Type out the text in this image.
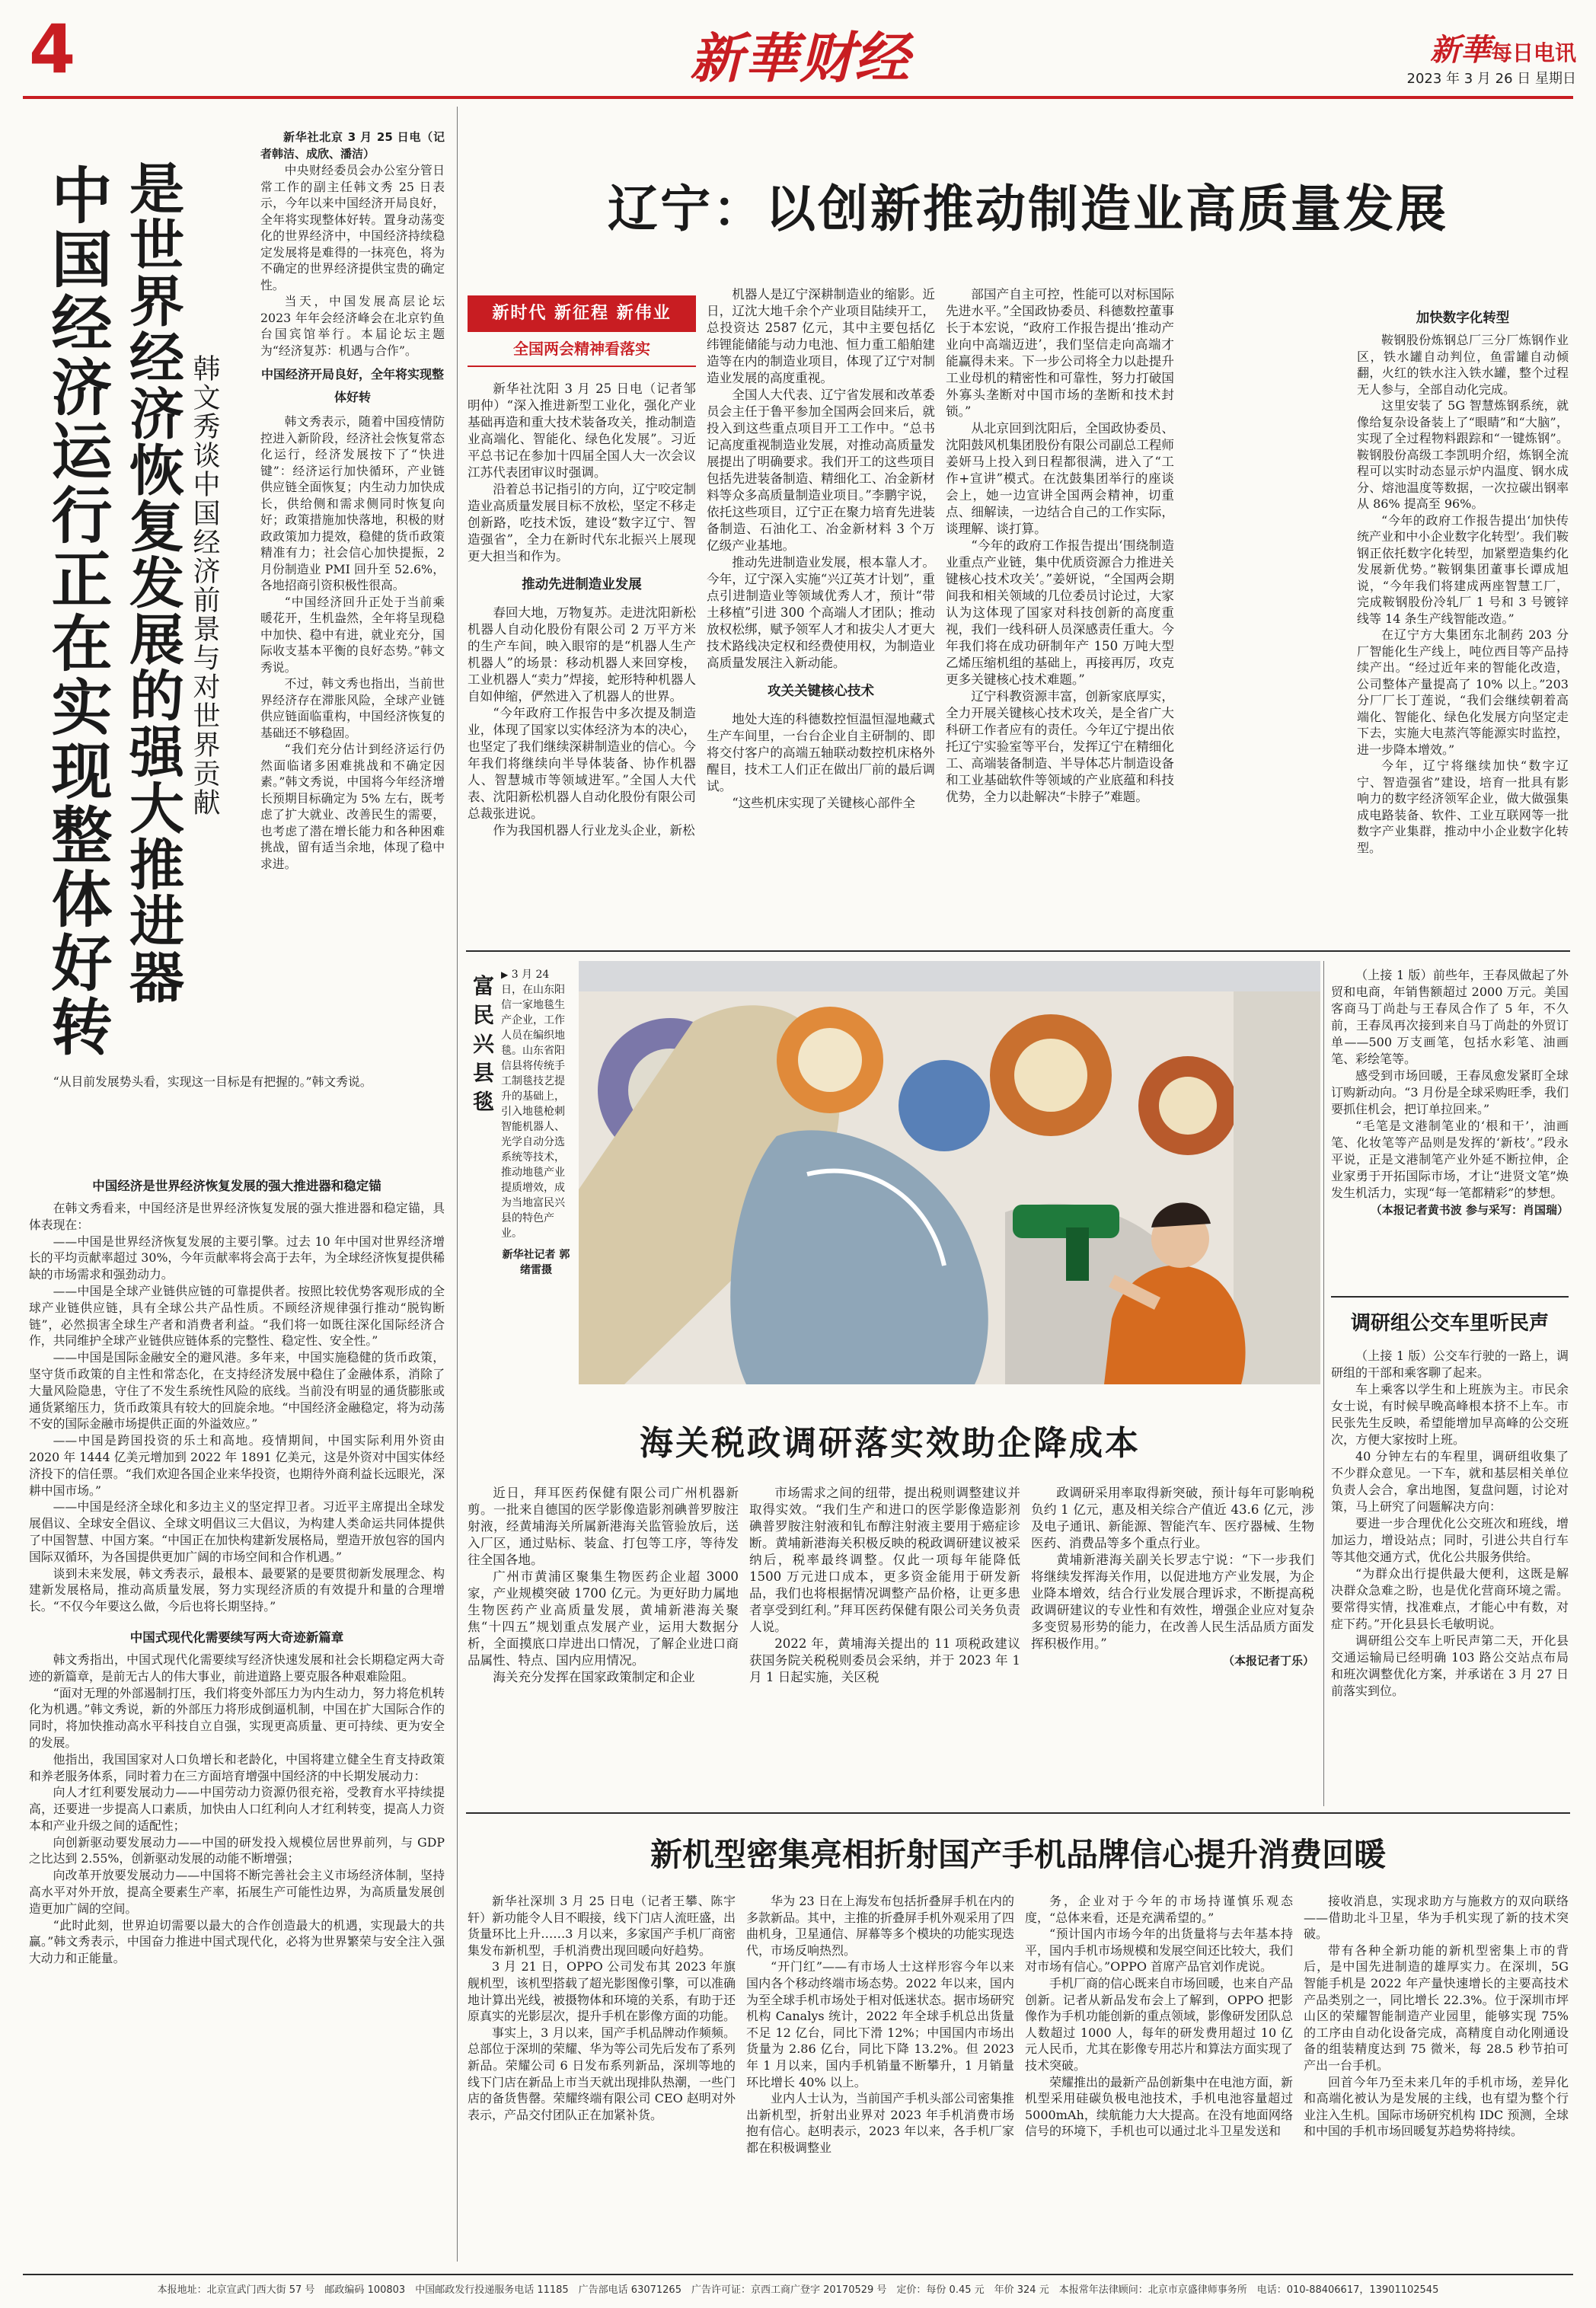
4	新華财经	新華每日电讯
2023 年 3 月 26 日 星期日
中国经济运行正在实现整体好转 是世界经济恢复发展的强大推进器 韩文秀谈中国经济前景与对世界贡献

新华社北京 3 月 25 日电（记者韩洁、成欣、潘洁）

中央财经委员会办公室分管日常工作的副主任韩文秀 25 日表示，今年以来中国经济开局良好，全年将实现整体好转。置身动荡变化的世界经济中，中国经济持续稳定发展将是难得的一抹亮色，将为不确定的世界经济提供宝贵的确定性。

当天，中国发展高层论坛 2023 年年会经济峰会在北京钓鱼台国宾馆举行。本届论坛主题为“经济复苏：机遇与合作”。

中国经济开局良好，全年将实现整体好转

韩文秀表示，随着中国疫情防控进入新阶段，经济社会恢复常态化运行，经济发展按下了“快进键”：经济运行加快循环，产业链供应链全面恢复；内生动力加快成长，供给侧和需求侧同时恢复向好；政策措施加快落地，积极的财政政策加力提效，稳健的货币政策精准有力；社会信心加快提振，2 月份制造业 PMI 回升至 52.6%，各地招商引资积极性很高。

“中国经济回升正处于当前乘暖花开，生机盎然，全年将呈现稳中加快、稳中有进，就业充分，国际收支基本平衡的良好态势。”韩文秀说。

不过，韩文秀也指出，当前世界经济存在滞胀风险，全球产业链供应链面临重构，中国经济恢复的基础还不够稳固。

“我们充分估计到经济运行仍然面临诸多困难挑战和不确定因素。”韩文秀说，中国将今年经济增长预期目标确定为 5% 左右，既考虑了扩大就业、改善民生的需要，也考虑了潜在增长能力和各种困难挑战，留有适当余地，体现了稳中求进。

“从目前发展势头看，实现这一目标是有把握的。”韩文秀说。

中国经济是世界经济恢复发展的强大推进器和稳定锚

在韩文秀看来，中国经济是世界经济恢复发展的强大推进器和稳定锚，具体表现在：

——中国是世界经济恢复发展的主要引擎。过去 10 年中国对世界经济增长的平均贡献率超过 30%，今年贡献率将会高于去年，为全球经济恢复提供稀缺的市场需求和强劲动力。

——中国是全球产业链供应链的可靠提供者。按照比较优势客观形成的全球产业链供应链，具有全球公共产品性质。不顾经济规律强行推动“脱钩断链”，必然损害全球生产者和消费者利益。“我们将一如既往深化国际经济合作，共同维护全球产业链供应链体系的完整性、稳定性、安全性。”

——中国是国际金融安全的避风港。多年来，中国实施稳健的货币政策，坚守货币政策的自主性和常态化，在支持经济发展中稳住了金融体系，消除了大量风险隐患，守住了不发生系统性风险的底线。当前没有明显的通货膨胀或通货紧缩压力，货币政策具有较大的回旋余地。“中国经济金融稳定，将为动荡不安的国际金融市场提供正面的外溢效应。”

——中国是跨国投资的乐土和高地。疫情期间，中国实际利用外资由 2020 年 1444 亿美元增加到 2022 年 1891 亿美元，这是外资对中国实体经济投下的信任票。“我们欢迎各国企业来华投资，也期待外商利益长远眼光，深耕中国市场。”

——中国是经济全球化和多边主义的坚定捍卫者。习近平主席提出全球发展倡议、全球安全倡议、全球文明倡议三大倡议，为构建人类命运共同体提供了中国智慧、中国方案。“中国正在加快构建新发展格局，塑造开放包容的国内国际双循环，为各国提供更加广阔的市场空间和合作机遇。”

谈到未来发展，韩文秀表示，最根本、最要紧的是要贯彻新发展理念、构建新发展格局，推动高质量发展，努力实现经济质的有效提升和量的合理增长。“不仅今年要这么做，今后也将长期坚持。”

中国式现代化需要续写两大奇迹新篇章

韩文秀指出，中国式现代化需要续写经济快速发展和社会长期稳定两大奇迹的新篇章，是前无古人的伟大事业，前进道路上要克服各种艰难险阻。

“面对无理的外部遏制打压，我们将变外部压力为内生动力，努力将危机转化为机遇。”韩文秀说，新的外部压力将形成倒逼机制，中国在扩大国际合作的同时，将加快推动高水平科技自立自强，实现更高质量、更可持续、更为安全的发展。

他指出，我国国家对人口负增长和老龄化，中国将建立健全生育支持政策和养老服务体系，同时着力在三方面培育增强中国经济的中长期发展动力：

向人才红利要发展动力——中国劳动力资源仍很充裕，受教育水平持续提高，还要进一步提高人口素质，加快由人口红利向人才红利转变，提高人力资本和产业升级之间的适配性；

向创新驱动要发展动力——中国的研发投入规模位居世界前列，与 GDP 之比达到 2.55%，创新驱动发展的动能不断增强；

向改革开放要发展动力——中国将不断完善社会主义市场经济体制，坚持高水平对外开放，提高全要素生产率，拓展生产可能性边界，为高质量发展创造更加广阔的空间。

“此时此刻，世界迫切需要以最大的合作创造最大的机遇，实现最大的共赢。”韩文秀表示，中国奋力推进中国式现代化，必将为世界繁荣与安全注入强大动力和正能量。

辽宁：以创新推动制造业高质量发展
新时代 新征程 新伟业
全国两会精神看落实

新华社沈阳 3 月 25 日电（记者邹明仲）“深入推进新型工业化，强化产业基础再造和重大技术装备攻关，推动制造业高端化、智能化、绿色化发展”。习近平总书记在参加十四届全国人大一次会议江苏代表团审议时强调。

沿着总书记指引的方向，辽宁咬定制造业高质量发展目标不放松，坚定不移走创新路，吃技术饭，建设“数字辽宁、智造强省”，全力在新时代东北振兴上展现更大担当和作为。

推动先进制造业发展

春回大地，万物复苏。走进沈阳新松机器人自动化股份有限公司 2 万平方米的生产车间，映入眼帘的是“机器人生产机器人”的场景：移动机器人来回穿梭，工业机器人“卖力”焊接，蛇形特种机器人自如伸缩，俨然进入了机器人的世界。

“今年政府工作报告中多次提及制造业，体现了国家以实体经济为本的决心，也坚定了我们继续深耕制造业的信心。今年我们将继续向半导体装备、协作机器人、智慧城市等领域进军。”全国人大代表、沈阳新松机器人自动化股份有限公司总裁张进说。

作为我国机器人行业龙头企业，新松

机器人是辽宁深耕制造业的缩影。近日，辽沈大地千余个产业项目陆续开工，总投资达 2587 亿元，其中主要包括亿纬锂能储能与动力电池、恒力重工船舶建造等在内的制造业项目，体现了辽宁对制造业发展的高度重视。

全国人大代表、辽宁省发展和改革委员会主任于鲁平参加全国两会回来后，就投入到这些重点项目开工工作中。“总书记高度重视制造业发展，对推动高质量发展提出了明确要求。我们开工的这些项目包括先进装备制造、精细化工、冶金新材料等众多高质量制造业项目。”李鹏宇说，依托这些项目，辽宁正在聚力培育先进装备制造、石油化工、冶金新材料 3 个万亿级产业基地。

推动先进制造业发展，根本靠人才。今年，辽宁深入实施“兴辽英才计划”，重点引进制造业等领域优秀人才，预计“带土移植”引进 300 个高端人才团队；推动放权松绑，赋予领军人才和拔尖人才更大技术路线决定权和经费使用权，为制造业高质量发展注入新动能。

攻关关键核心技术

地处大连的科德数控恒温恒湿地藏式生产车间里，一台台企业自主研制的、即将交付客户的高端五轴联动数控机床格外醒目，技术工人们正在做出厂前的最后调试。

“这些机床实现了关键核心部件全

部国产自主可控，性能可以对标国际先进水平。”全国政协委员、科德数控董事长于本宏说，“政府工作报告提出‘推动产业向中高端迈进’，我们坚信走向高端才能赢得未来。下一步公司将全力以赴提升工业母机的精密性和可靠性，努力打破国外寡头垄断对中国市场的垄断和技术封锁。”

从北京回到沈阳后，全国政协委员、沈阳鼓风机集团股份有限公司副总工程师姜妍马上投入到日程都很满，进入了“工作+宣讲”模式。在沈鼓集团举行的座谈会上，她一边宣讲全国两会精神，切重点、细解读，一边结合自己的工作实际，谈理解、谈打算。

“今年的政府工作报告提出‘围绕制造业重点产业链，集中优质资源合力推进关键核心技术攻关’。”姜妍说，“全国两会期间我和相关领域的几位委员讨论过，大家认为这体现了国家对科技创新的高度重视，我们一线科研人员深感责任重大。今年我们将在成功研制年产 150 万吨大型乙烯压缩机组的基础上，再接再厉，攻克更多关键核心技术难题。”

辽宁科教资源丰富，创新家底厚实，全力开展关键核心技术攻关，是全省广大科研工作者应有的责任。今年辽宁提出依托辽宁实验室等平台，发挥辽宁在精细化工、高端装备制造、半导体芯片制造设备和工业基础软件等领域的产业底蕴和科技优势，全力以赴解决“卡脖子”难题。

加快数字化转型

鞍钢股份炼钢总厂三分厂炼钢作业区，铁水罐自动判位，鱼雷罐自动倾翻，火红的铁水注入铁水罐，整个过程无人参与，全部自动化完成。

这里安装了 5G 智慧炼钢系统，就像给复杂设备装上了“眼睛”和“大脑”，实现了全过程物料跟踪和“一键炼钢”。鞍钢股份高级工李凯明介绍，炼钢全流程可以实时动态显示炉内温度、钢水成分、熔池温度等数据，一次拉碳出钢率从 86% 提高至 96%。

“今年的政府工作报告提出‘加快传统产业和中小企业数字化转型’。我们鞍钢正依托数字化转型，加紧塑造集约化发展新优势。”鞍钢集团董事长谭成旭说，“今年我们将建成两座智慧工厂，完成鞍钢股份冷轧厂 1 号和 3 号镀锌线等 14 条生产线智能改造。”

在辽宁方大集团东北制药 203 分厂智能化生产线上，吨位西目等产品持续产出。“经过近年来的智能化改造，公司整体产量提高了 10% 以上。”203 分厂厂长丁莲说，“我们会继续朝着高端化、智能化、绿色化发展方向坚定走下去，实施大电蒸汽等能源实时监控，进一步降本增效。”

今年，辽宁将继续加快“数字辽宁、智造强省”建设，培育一批具有影响力的数字经济领军企业，做大做强集成电路装备、软件、工业互联网等一批数字产业集群，推动中小企业数字化转型。

富民兴县毯 ▶ 3 月 24 日，在山东阳信一家地毯生产企业，工作人员在编织地毯。山东省阳信县将传统手工制毯技艺提升的基础上，引入地毯枪刺智能机器人、光学自动分选系统等技术，推动地毯产业提质增效，成为当地富民兴县的特色产业。
新华社记者 郭绪雷摄

（上接 1 版）前些年，王春凤做起了外贸和电商，年销售额超过 2000 万元。美国客商马丁尚赴与王春凤合作了 5 年，不久前，王春凤再次接到来自马丁尚赴的外贸订单——500 万支画笔，包括水彩笔、油画笔、彩绘笔等。

感受到市场回暖，王春凤愈发紧盯全球订购新动向。“3 月份是全球采购旺季，我们要抓住机会，把订单拉回来。”

“毛笔是文港制笔业的‘根和干’，油画笔、化妆笔等产品则是发挥的‘新枝’。”段永平说，正是文港制笔产业外延不断拉伸，企业家勇于开拓国际市场，才让“进贤文笔”焕发生机活力，实现“每一笔都精彩”的梦想。

（本报记者黄书波 参与采写：肖国瑞）
调研组公交车里听民声

（上接 1 版）公交车行驶的一路上，调研组的干部和乘客聊了起来。

车上乘客以学生和上班族为主。市民余女士说，有时候早晚高峰根本挤不上车。市民张先生反映，希望能增加早高峰的公交班次，方便大家按时上班。

40 分钟左右的车程里，调研组收集了不少群众意见。一下车，就和基层相关单位负责人会合，拿出地图，复盘问题，讨论对策，马上研究了问题解决方向：

要进一步合理优化公交班次和班线，增加运力，增设站点；同时，引进公共自行车等其他交通方式，优化公共服务供给。

“为群众出行提供最大便利，这既是解决群众急难之盼，也是优化营商环境之需。要常得实情，找准难点，才能心中有数，对症下药。”开化县县长毛敏明说。

调研组公交车上听民声第二天，开化县交通运输局已经明确 103 路公交站点布局和班次调整优化方案，并承诺在 3 月 27 日前落实到位。

海关税政调研落实效助企降成本

近日，拜耳医药保健有限公司广州机器新剪。一批来自德国的医学影像造影剂碘普罗胺注射液，经黄埔海关所属新港海关监管验放后，送入厂区，通过贴标、装盒、打包等工序，等待发往全国各地。

广州市黄浦区聚集生物医药企业超 3000 家，产业规模突破 1700 亿元。为更好助力属地生物医药产业高质量发展，黄埔新港海关聚焦“十四五”规划重点发展产业，运用大数据分析，全面摸底口岸进出口情况，了解企业进口商品属性、特点、国内应用情况。

海关充分发挥在国家政策制定和企业

市场需求之间的纽带，提出税则调整建议并取得实效。“我们生产和进口的医学影像造影剂碘普罗胺注射液和钆布醇注射液主要用于癌症诊断。黄埔新港海关积极反映的税政调研建议被采纳后，税率最终调整。仅此一项每年能降低 1500 万元进口成本，更多资金能用于研发新品，我们也将根据情况调整产品价格，让更多患者享受到红利。”拜耳医药保健有限公司关务负责人说。

2022 年，黄埔海关提出的 11 项税政建议获国务院关税税则委员会采纳，并于 2023 年 1 月 1 日起实施，关区税

政调研采用率取得新突破，预计每年可影响税负约 1 亿元，惠及相关综合产值近 43.6 亿元，涉及电子通讯、新能源、智能汽车、医疗器械、生物医药、消费品等多个重点行业。

黄埔新港海关副关长罗志宁说：“下一步我们将继续发挥海关作用，以促进地方产业发展，为企业降本增效，结合行业发展合理诉求，不断提高税政调研建议的专业性和有效性，增强企业应对复杂多变贸易形势的能力，在改善人民生活品质方面发挥积极作用。”

（本报记者丁乐）
新机型密集亮相折射国产手机品牌信心提升消费回暖

新华社深圳 3 月 25 日电（记者王攀、陈宇轩）新功能令人目不暇接，线下门店人流旺盛，出货量环比上升……3 月以来，多家国产手机厂商密集发布新机型，手机消费出现回暖向好趋势。

3 月 21 日，OPPO 公司发布其 2023 年旗舰机型，该机型搭载了超光影图像引擎，可以准确地计算出光线，被摄物体和环境的关系，有助于还原真实的光影层次，提升手机在影像方面的功能。

事实上，3 月以来，国产手机品牌动作频频。总部位于深圳的荣耀、华为等公司先后发布了系列新品。荣耀公司 6 日发布系列新品，深圳等地的线下门店在新品上市当天就出现排队热潮，一些门店的备货售罄。荣耀终端有限公司 CEO 赵明对外表示，产品交付团队正在加紧补货。

华为 23 日在上海发布包括折叠屏手机在内的多款新品。其中，主推的折叠屏手机外观采用了四曲机身，卫星通信、屏幕等多个模块的功能实现迭代，市场反响热烈。

“开门红”——有市场人士这样形容今年以来国内各个移动终端市场态势。2022 年以来，国内为至全球手机市场处于相对低迷状态。据市场研究机构 Canalys 统计，2022 年全球手机总出货量不足 12 亿台，同比下滑 12%；中国国内市场出货量为 2.86 亿台，同比下降 13.2%。但 2023 年 1 月以来，国内手机销量不断攀升，1 月销量环比增长 40% 以上。

业内人士认为，当前国产手机头部公司密集推出新机型，折射出业界对 2023 年手机消费市场抱有信心。赵明表示，2023 年以来，各手机厂家都在积极调整业

务，企业对于今年的市场持谨慎乐观态度，“总体来看，还是充满希望的。”

“预计国内市场今年的出货量将与去年基本持平，国内手机市场规模和发展空间还比较大，我们对市场有信心。”OPPO 首席产品官刘作虎说。

手机厂商的信心既来自市场回暖，也来自产品创新。记者从新品发布会上了解到，OPPO 把影像作为手机功能创新的重点领域，影像研发团队总人数超过 1000 人，每年的研发费用超过 10 亿元人民币，尤其在影像专用芯片和算法方面实现了技术突破。

荣耀推出的最新产品创新集中在电池方面，新机型采用硅碳负极电池技术，手机电池容量超过 5000mAh，续航能力大大提高。在没有地面网络信号的环境下，手机也可以通过北斗卫星发送和

接收消息，实现求助方与施救方的双向联络——借助北斗卫星，华为手机实现了新的技术突破。

带有各种全新功能的新机型密集上市的背后，是中国先进制造的雄厚实力。在深圳，5G 智能手机是 2022 年产量快速增长的主要高技术产品类别之一，同比增长 22.3%。位于深圳市坪山区的荣耀智能制造产业园里，能够实现 75% 的工序由自动化设备完成，高精度自动化刚通设备的组装精度达到 75 微米，每 28.5 秒节拍可产出一台手机。

回首今年乃至未来几年的手机市场，差异化和高端化被认为是发展的主线，也有望为整个行业注入生机。国际市场研究机构 IDC 预测，全球和中国的手机市场回暖复苏趋势将持续。

本报地址：北京宣武门西大街 57 号　邮政编码 100803　中国邮政发行投递服务电话 11185　广告部电话 63071265　广告许可证：京西工商广登字 20170529 号　定价：每份 0.45 元　年价 324 元　本报常年法律顾问：北京市京盛律师事务所　电话：010-88406617，13901102545
